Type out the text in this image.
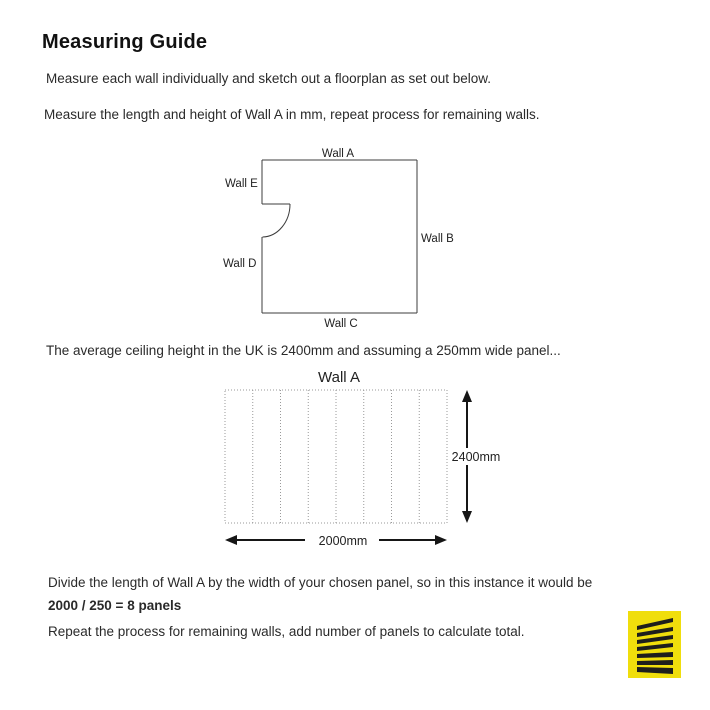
Measuring Guide
Measure each wall individually and sketch out a floorplan as set out below.
Measure the length and height of Wall A in mm, repeat process for remaining walls.
Wall A
Wall B
Wall C
Wall D
Wall E
The average ceiling height in the UK is 2400mm and assuming a 250mm wide panel...
Wall A
2400mm
2000mm
Divide the length of Wall A by the width of your chosen panel, so in this instance it would be
2000 / 250 = 8 panels
Repeat the process for remaining walls, add number of panels to calculate total.
